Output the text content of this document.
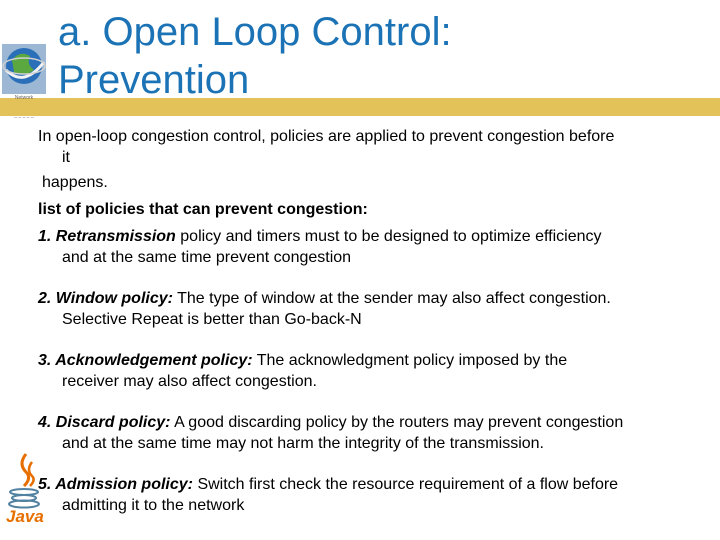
Network
_ _ _ _ _
a. Open Loop Control:
Prevention

In open-loop congestion control, policies are applied to prevent congestion before
it

happens.

list of policies that can prevent congestion:

1. Retransmission policy and timers must to be designed to optimize efficiency
and at the same time prevent congestion
2. Window policy: The type of window at the sender may also affect congestion.
Selective Repeat is better than Go-back-N
3. Acknowledgement policy: The acknowledgment policy imposed by the
receiver may also affect congestion.
4. Discard policy: A good discarding policy by the routers may prevent congestion
and at the same time may not harm the integrity of the transmission.
5. Admission policy: Switch first check the resource requirement of a flow before
admitting it to the network
Java
